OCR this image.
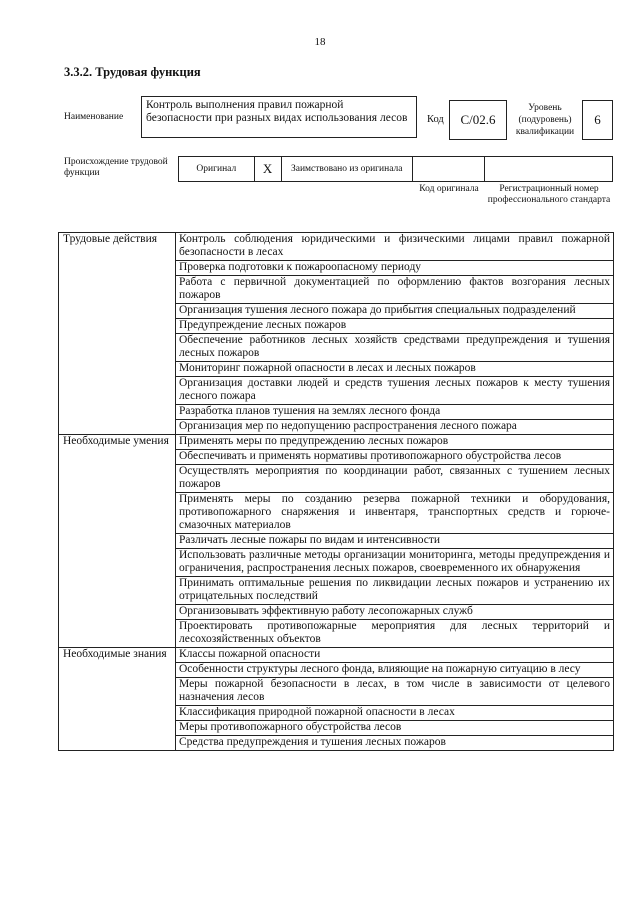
18
3.3.2. Трудовая функция
Наименование
Контроль выполнения правил пожарной безопасности при разных видах использования лесов	Код	С/02.6
Уровень (подуровень) квалификации
6
Происхождение трудовой функции	Оригинал X Заимствовано из оригинала
Код оригинала	Регистрационный номер профессионального стандарта
Трудовые действия	Контроль соблюдения юридическими и физическими лицами правил пожарной безопасности в лесах
	Проверка подготовки к пожароопасному периоду
	Работа с первичной документацией по оформлению фактов возгорания лесных пожаров
	Организация тушения лесного пожара до прибытия специальных подразделений
	Предупреждение лесных пожаров
	Обеспечение работников лесных хозяйств средствами предупреждения и тушения лесных пожаров
	Мониторинг пожарной опасности в лесах и лесных пожаров
	Организация доставки людей и средств тушения лесных пожаров к месту тушения лесного пожара
	Разработка планов тушения на землях лесного фонда
	Организация мер по недопущению распространения лесного пожара
Необходимые умения	Применять меры по предупреждению лесных пожаров
	Обеспечивать и применять нормативы противопожарного обустройства лесов
	Осуществлять мероприятия по координации работ, связанных с тушением лесных пожаров
	Применять меры по созданию резерва пожарной техники и оборудования, противопожарного снаряжения и инвентаря, транспортных средств и горюче-смазочных материалов
	Различать лесные пожары по видам и интенсивности
	Использовать различные методы организации мониторинга, методы предупреждения и ограничения, распространения лесных пожаров, своевременного их обнаружения
	Принимать оптимальные решения по ликвидации лесных пожаров и устранению их отрицательных последствий
	Организовывать эффективную работу лесопожарных служб
	Проектировать противопожарные мероприятия для лесных территорий и лесохозяйственных объектов
Необходимые знания	Классы пожарной опасности
	Особенности структуры лесного фонда, влияющие на пожарную ситуацию в лесу
	Меры пожарной безопасности в лесах, в том числе в зависимости от целевого назначения лесов
	Классификация природной пожарной опасности в лесах
	Меры противопожарного обустройства лесов
	Средства предупреждения и тушения лесных пожаров
